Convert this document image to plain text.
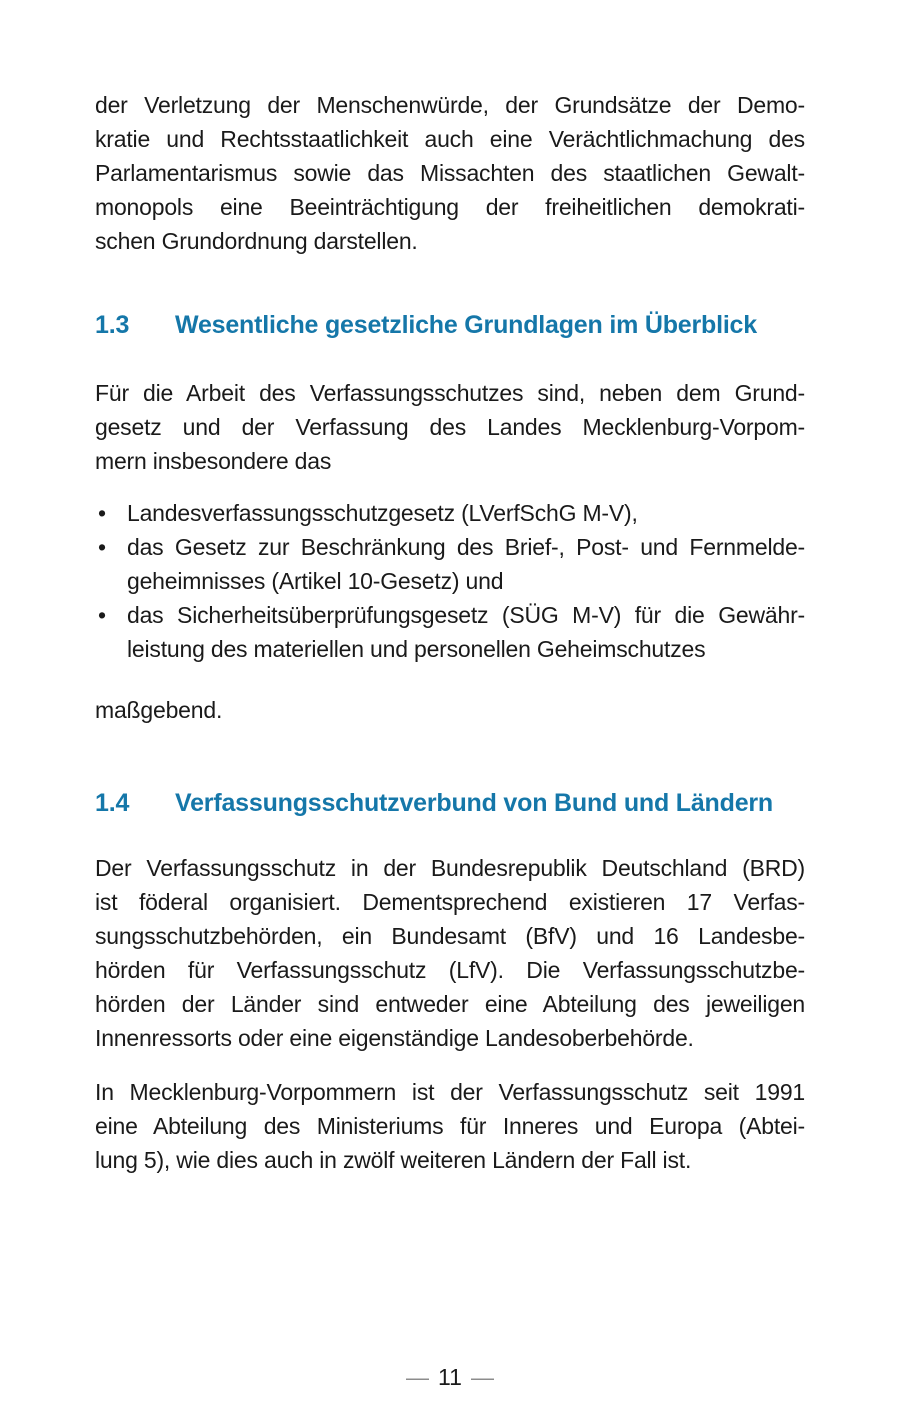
der Verletzung der Menschenwürde, der Grundsätze der Demo-
kratie und Rechtsstaatlichkeit auch eine Verächtlichmachung des
Parlamentarismus sowie das Missachten des staatlichen Gewalt-
monopols eine Beeinträchtigung der freiheitlichen demokrati-
schen Grundordnung darstellen.
1.3	Wesentliche gesetzliche Grundlagen im Überblick
Für die Arbeit des Verfassungsschutzes sind, neben dem Grund-
gesetz und der Verfassung des Landes Mecklenburg-Vorpom-
mern insbesondere das
• Landesverfassungsschutzgesetz (LVerfSchG M-V),
• das Gesetz zur Beschränkung des Brief-, Post- und Fernmelde-
geheimnisses (Artikel 10-Gesetz) und
• das Sicherheitsüberprüfungsgesetz (SÜG M-V) für die Gewähr-
leistung des materiellen und personellen Geheimschutzes
maßgebend.
1.4	Verfassungsschutzverbund von Bund und Ländern
Der Verfassungsschutz in der Bundesrepublik Deutschland (BRD)
ist föderal organisiert. Dementsprechend existieren 17 Verfas-
sungsschutzbehörden, ein Bundesamt (BfV) und 16 Landesbe-
hörden für Verfassungsschutz (LfV). Die Verfassungsschutzbe-
hörden der Länder sind entweder eine Abteilung des jeweiligen
Innenressorts oder eine eigenständige Landesoberbehörde.
In Mecklenburg-Vorpommern ist der Verfassungsschutz seit 1991
eine Abteilung des Ministeriums für Inneres und Europa (Abtei-
lung 5), wie dies auch in zwölf weiteren Ländern der Fall ist.
— 11 —
